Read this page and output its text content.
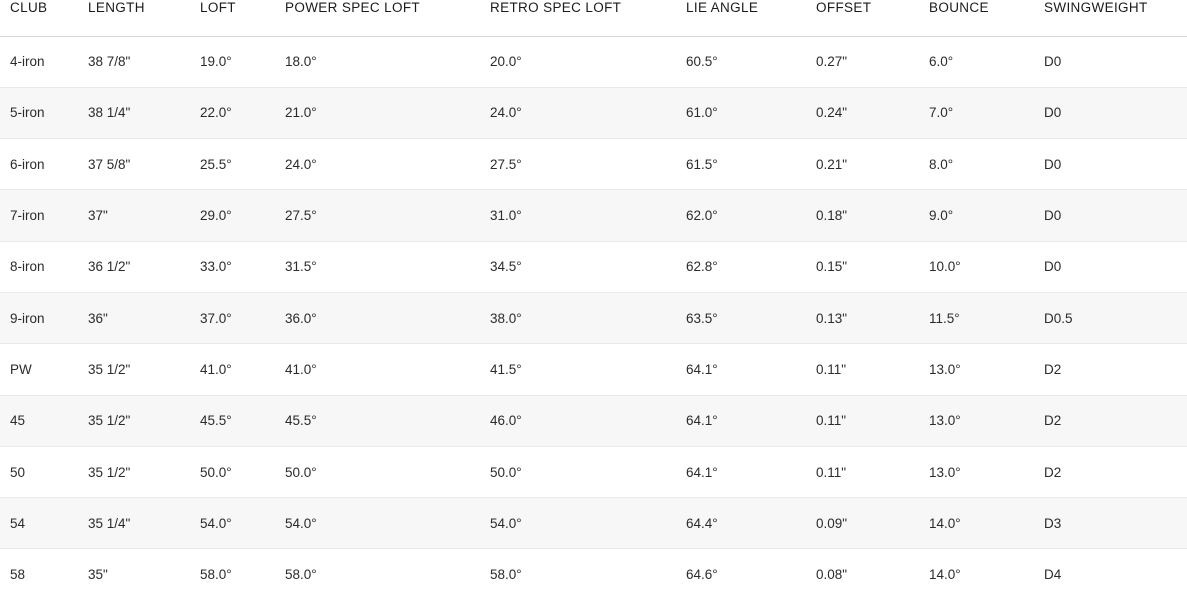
CLUB	LENGTH	LOFT	POWER SPEC LOFT	RETRO SPEC LOFT	LIE ANGLE	OFFSET	BOUNCE	SWINGWEIGHT
4-iron	38 7/8"	19.0°	18.0°	20.0°	60.5°	0.27"	6.0°	D0
5-iron	38 1/4"	22.0°	21.0°	24.0°	61.0°	0.24"	7.0°	D0
6-iron	37 5/8"	25.5°	24.0°	27.5°	61.5°	0.21"	8.0°	D0
7-iron	37"	29.0°	27.5°	31.0°	62.0°	0.18"	9.0°	D0
8-iron	36 1/2"	33.0°	31.5°	34.5°	62.8°	0.15"	10.0°	D0
9-iron	36"	37.0°	36.0°	38.0°	63.5°	0.13"	11.5°	D0.5
PW	35 1/2"	41.0°	41.0°	41.5°	64.1°	0.11"	13.0°	D2
45	35 1/2"	45.5°	45.5°	46.0°	64.1°	0.11"	13.0°	D2
50	35 1/2"	50.0°	50.0°	50.0°	64.1°	0.11"	13.0°	D2
54	35 1/4"	54.0°	54.0°	54.0°	64.4°	0.09"	14.0°	D3
58	35"	58.0°	58.0°	58.0°	64.6°	0.08"	14.0°	D4
